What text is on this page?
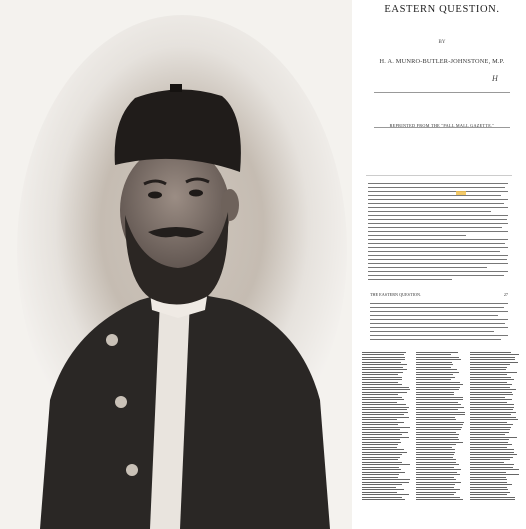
EASTERN QUESTION.
BY
H. A. MUNRO-BUTLER-JOHNSTONE, M.P.
H
REPRINTED FROM THE "PALL MALL GAZETTE."
THE EASTERN QUESTION.	27
